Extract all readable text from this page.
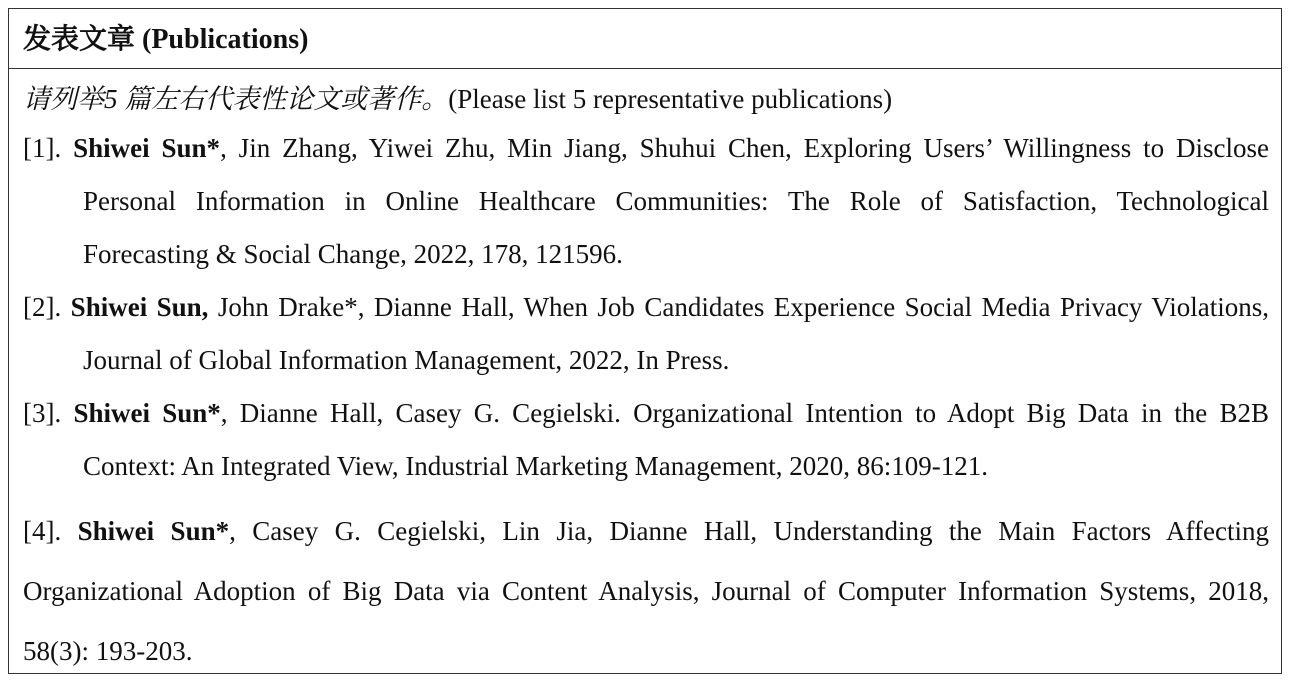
发表文章 (Publications)
请列举5 篇左右代表性论文或著作。(Please list 5 representative publications)
[1]. Shiwei Sun*, Jin Zhang, Yiwei Zhu, Min Jiang, Shuhui Chen, Exploring Users’ Willingness to Disclose Personal Information in Online Healthcare Communities: The Role of Satisfaction, Technological Forecasting & Social Change, 2022, 178, 121596.
[2]. Shiwei Sun, John Drake*, Dianne Hall, When Job Candidates Experience Social Media Privacy Violations, Journal of Global Information Management, 2022, In Press.
[3]. Shiwei Sun*, Dianne Hall, Casey G. Cegielski. Organizational Intention to Adopt Big Data in the B2B Context: An Integrated View, Industrial Marketing Management, 2020, 86:109-121.
[4]. Shiwei Sun*, Casey G. Cegielski, Lin Jia, Dianne Hall, Understanding the Main Factors Affecting Organizational Adoption of Big Data via Content Analysis, Journal of Computer Information Systems, 2018, 58(3): 193-203.
